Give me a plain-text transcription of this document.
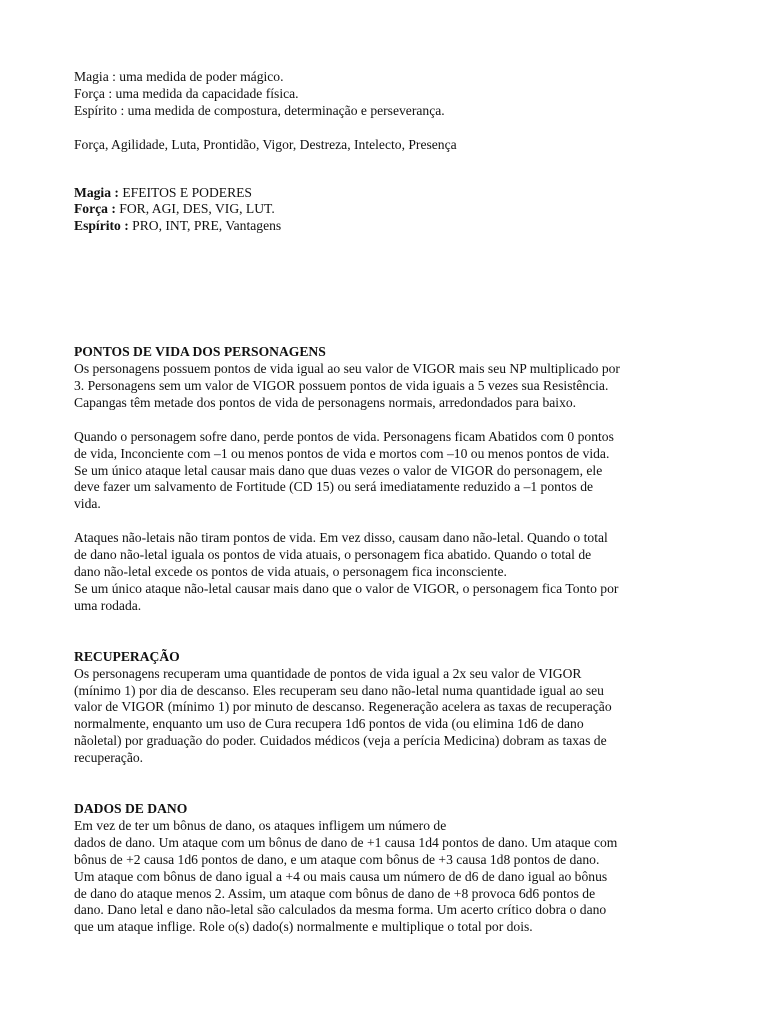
Magia : uma medida de poder mágico.

Força : uma medida da capacidade física.

Espírito : uma medida de compostura, determinação e perseverança.

Força, Agilidade, Luta, Prontidão, Vigor, Destreza, Intelecto, Presença

Magia : EFEITOS E PODERES

Força : FOR, AGI, DES, VIG, LUT.

Espírito : PRO, INT, PRE, Vantagens

PONTOS DE VIDA DOS PERSONAGENS

Os personagens possuem pontos de vida igual ao seu valor de VIGOR mais seu NP multiplicado por

3. Personagens sem um valor de VIGOR possuem pontos de vida iguais a 5 vezes sua Resistência.

Capangas têm metade dos pontos de vida de personagens normais, arredondados para baixo.

Quando o personagem sofre dano, perde pontos de vida. Personagens ficam Abatidos com 0 pontos

de vida, Inconciente com –1 ou menos pontos de vida e mortos com –10 ou menos pontos de vida.

Se um único ataque letal causar mais dano que duas vezes o valor de VIGOR do personagem, ele

deve fazer um salvamento de Fortitude (CD 15) ou será imediatamente reduzido a –1 pontos de

vida.

Ataques não-letais não tiram pontos de vida. Em vez disso, causam dano não-letal. Quando o total

de dano não-letal iguala os pontos de vida atuais, o personagem fica abatido. Quando o total de

dano não-letal excede os pontos de vida atuais, o personagem fica inconsciente.

Se um único ataque não-letal causar mais dano que o valor de VIGOR, o personagem fica Tonto por

uma rodada.

RECUPERAÇÃO

Os personagens recuperam uma quantidade de pontos de vida igual a 2x seu valor de VIGOR

(mínimo 1) por dia de descanso. Eles recuperam seu dano não-letal numa quantidade igual ao seu

valor de VIGOR (mínimo 1) por minuto de descanso. Regeneração acelera as taxas de recuperação

normalmente, enquanto um uso de Cura recupera 1d6 pontos de vida (ou elimina 1d6 de dano

nãoletal) por graduação do poder. Cuidados médicos (veja a perícia Medicina) dobram as taxas de

recuperação.

DADOS DE DANO

Em vez de ter um bônus de dano, os ataques infligem um número de

dados de dano. Um ataque com um bônus de dano de +1 causa 1d4 pontos de dano. Um ataque com

bônus de +2 causa 1d6 pontos de dano, e um ataque com bônus de +3 causa 1d8 pontos de dano.

Um ataque com bônus de dano igual a +4 ou mais causa um número de d6 de dano igual ao bônus

de dano do ataque menos 2. Assim, um ataque com bônus de dano de +8 provoca 6d6 pontos de

dano. Dano letal e dano não-letal são calculados da mesma forma. Um acerto crítico dobra o dano

que um ataque inflige. Role o(s) dado(s) normalmente e multiplique o total por dois.
